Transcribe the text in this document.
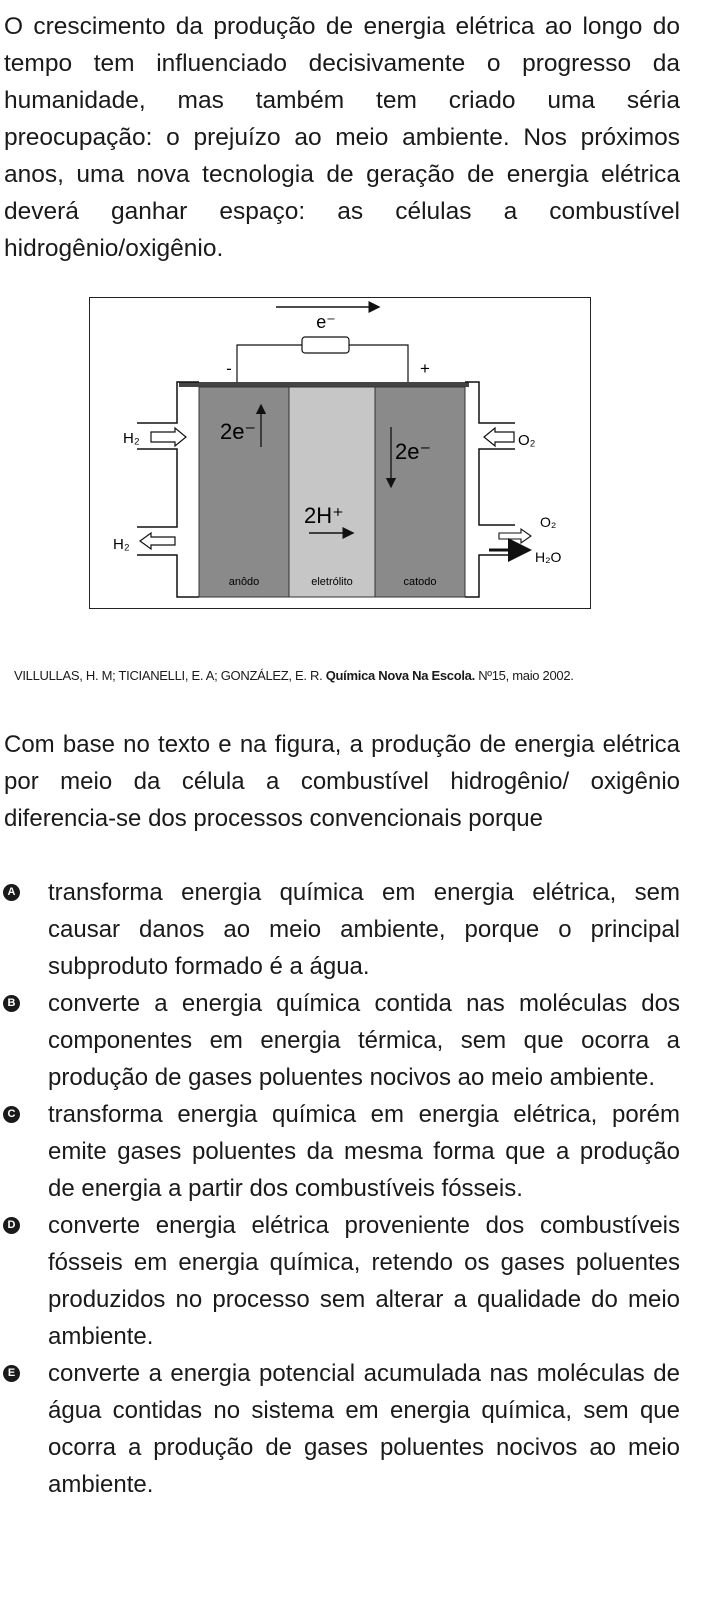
O crescimento da produção de energia elétrica ao longo do tempo tem influenciado decisivamente o progresso da humanidade, mas também tem criado uma séria preocupação: o prejuízo ao meio ambiente. Nos próximos anos, uma nova tecnologia de geração de energia elétrica deverá ganhar espaço: as células a combustível hidrogênio/oxigênio.

e⁻
-	+
H₂
H₂
O₂
O₂
H₂O
2e⁻
2e⁻
2H⁺
anôdo	eletrólito	catodo
VILLULLAS, H. M; TICIANELLI, E. A; GONZÁLEZ, E. R. Química Nova Na Escola. Nº15, maio 2002.

Com base no texto e na figura, a produção de energia elétrica por meio da célula a combustível hidrogênio/ oxigênio diferencia-se dos processos convencionais porque

A transforma energia química em energia elétrica, sem causar danos ao meio ambiente, porque o principal subproduto formado é a água.
B converte a energia química contida nas moléculas dos componentes em energia térmica, sem que ocorra a produção de gases poluentes nocivos ao meio ambiente.
C transforma energia química em energia elétrica, porém emite gases poluentes da mesma forma que a produção de energia a partir dos combustíveis fósseis.
D converte energia elétrica proveniente dos combustíveis fósseis em energia química, retendo os gases poluentes produzidos no processo sem alterar a qualidade do meio ambiente.
E converte a energia potencial acumulada nas moléculas de água contidas no sistema em energia química, sem que ocorra a produção de gases poluentes nocivos ao meio ambiente.
